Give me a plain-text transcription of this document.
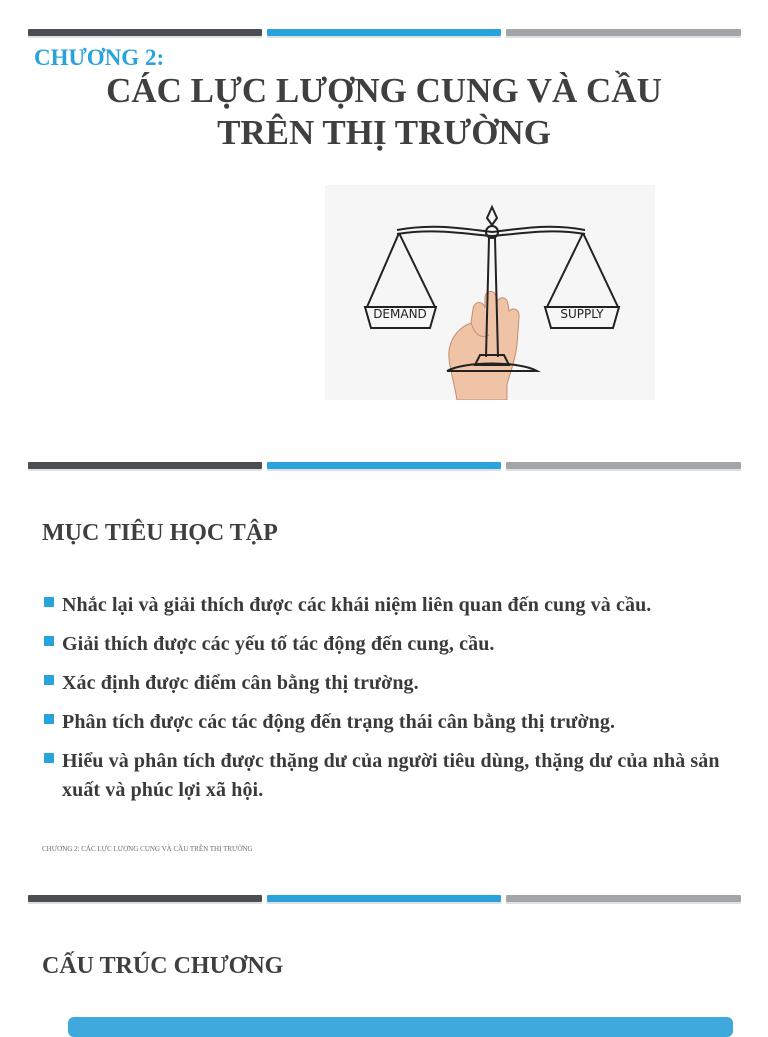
CHƯƠNG 2:
CÁC LỰC LƯỢNG CUNG VÀ CẦU
TRÊN THỊ TRƯỜNG
DEMAND	SUPPLY
MỤC TIÊU HỌC TẬP
Nhắc lại và giải thích được các khái niệm liên quan đến cung và cầu.
Giải thích được các yếu tố tác động đến cung, cầu.
Xác định được điểm cân bằng thị trường.
Phân tích được các tác động đến trạng thái cân bằng thị trường.
Hiểu và phân tích được thặng dư của người tiêu dùng, thặng dư của nhà sản xuất và phúc lợi xã hội.
CHƯƠNG 2: CÁC LỰC LƯỢNG CUNG VÀ CẦU TRÊN THỊ TRƯỜNG
CẤU TRÚC CHƯƠNG
